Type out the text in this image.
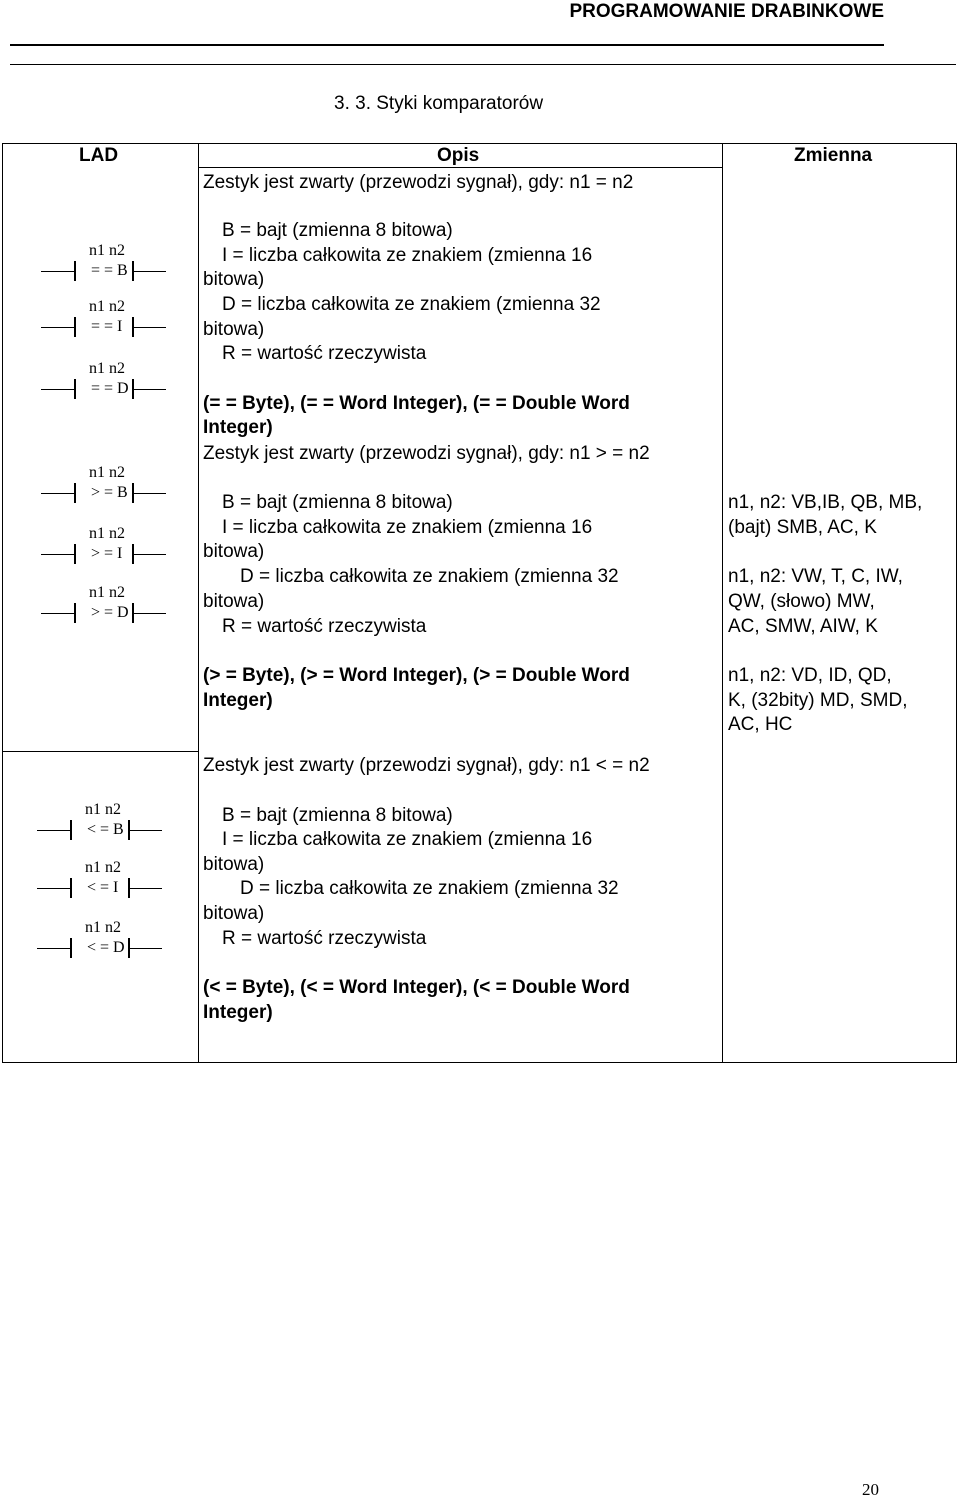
PROGRAMOWANIE DRABINKOWE
3. 3. Styki komparatorów
LAD	Opis	Zmienna
Zestyk jest zwarty (przewodzi sygnał), gdy: n1 = n2
n1 n2
= = B
n1 n2
= = I
n1 n2
= = D
B = bajt (zmienna 8 bitowa)
I = liczba całkowita ze znakiem (zmienna 16
bitowa)
D = liczba całkowita ze znakiem (zmienna 32
bitowa)
R = wartość rzeczywista
(= = Byte), (= = Word Integer), (= = Double Word
Integer)
Zestyk jest zwarty (przewodzi sygnał), gdy: n1 > = n2
n1 n2
> = B
n1 n2
> = I
n1 n2
> = D
B = bajt (zmienna 8 bitowa)
I = liczba całkowita ze znakiem (zmienna 16
bitowa)
D = liczba całkowita ze znakiem (zmienna 32
bitowa)
R = wartość rzeczywista
(> = Byte), (> = Word Integer), (> = Double Word
Integer)
n1, n2: VB,IB, QB, MB,
(bajt) SMB, AC, K
n1, n2: VW, T, C, IW,
QW, (słowo) MW,
AC, SMW, AIW, K
n1, n2: VD, ID, QD,
K, (32bity) MD, SMD,
AC, HC
Zestyk jest zwarty (przewodzi sygnał), gdy: n1 < = n2
n1 n2
< = B
n1 n2
< = I
n1 n2
< = D
B = bajt (zmienna 8 bitowa)
I = liczba całkowita ze znakiem (zmienna 16
bitowa)
D = liczba całkowita ze znakiem (zmienna 32
bitowa)
R = wartość rzeczywista
(< = Byte), (< = Word Integer), (< = Double Word
Integer)
20
